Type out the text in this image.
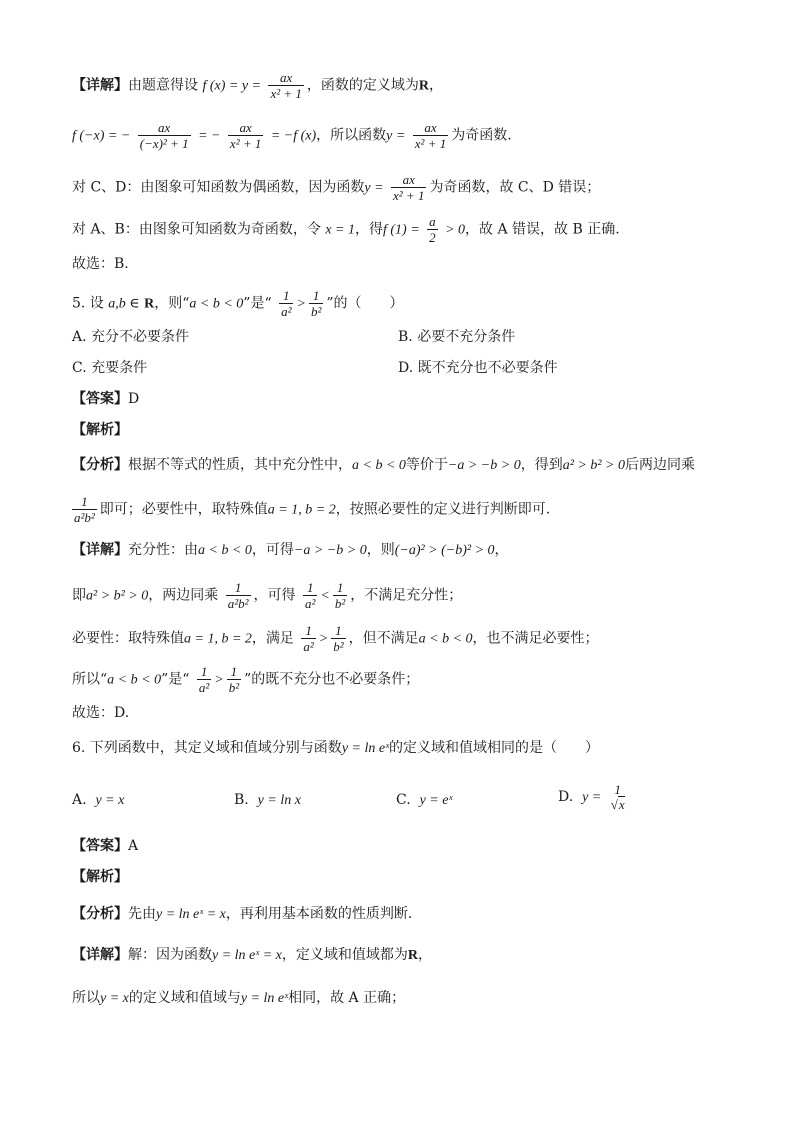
【详解】由题意得设 f $(x) = y = \frac{ax}{\text{x² + 1}}$ ，函数的定义域为R，
f (−x) = − $\frac{ax}{\text{(−x)² + 1}}$ = − $\frac{ax}{\text{x² + 1}} = -f$ (x)，所以函数$y = \frac{ax}{\text{x² + 1}}$ 为奇函数.
对 C、D：由图象可知函数为偶函数，因为函数$y = \frac{ax}{\text{x² + 1}}$ 为奇函数，故 C、D 错误；
对 A、B：由图象可知函数为奇函数，令 x = 1，得f $(1) = \frac{a}{2} > 0$，故 A 错误，故 B 正确.
故选：B.
5. 设 a,b ∈ R，则“a < b < 0”是“ $\frac{1}{\text{a²}} > \frac{1}{\text{b²}}$ ”的（　　）
A. 充分不必要条件	B. 必要不充分条件
C. 充要条件	D. 既不充分也不必要条件
【答案】D
【解析】
【分析】根据不等式的性质，其中充分性中，a < b < 0等价于−a > −b > 0，得到a² > b² > 0后两边同乘
$\frac{1}{\text{a²b²}}$ 即可；必要性中，取特殊值a = 1, b = 2，按照必要性的定义进行判断即可.
【详解】充分性：由a < b < 0，可得−a > −b > 0，则(−a)² > (−b)² > 0，
即a² > b² > 0，两边同乘 $\frac{1}{\text{a²b²}}$ ，可得 $\frac{1}{\text{a²}} < \frac{1}{\text{b²}}$ ，不满足充分性；
必要性：取特殊值a = 1, b = 2，满足 $\frac{1}{\text{a²}} > \frac{1}{\text{b²}}$ ，但不满足a < b < 0，也不满足必要性；
所以“a < b < 0”是“ $\frac{1}{\text{a²}} > \frac{1}{\text{b²}}$ ”的既不充分也不必要条件；
故选：D.
6. 下列函数中，其定义域和值域分别与函数y = ln eˣ的定义域和值域相同的是（　　）
A. y = x	B. y = ln x	C. y = eˣ	D. y =
1
√x
【答案】A
【解析】
【分析】先由y = ln eˣ = x，再利用基本函数的性质判断.
【详解】解：因为函数y = ln eˣ = x，定义域和值域都为R，
所以y = x的定义域和值域与y = ln eˣ相同，故 A 正确；
